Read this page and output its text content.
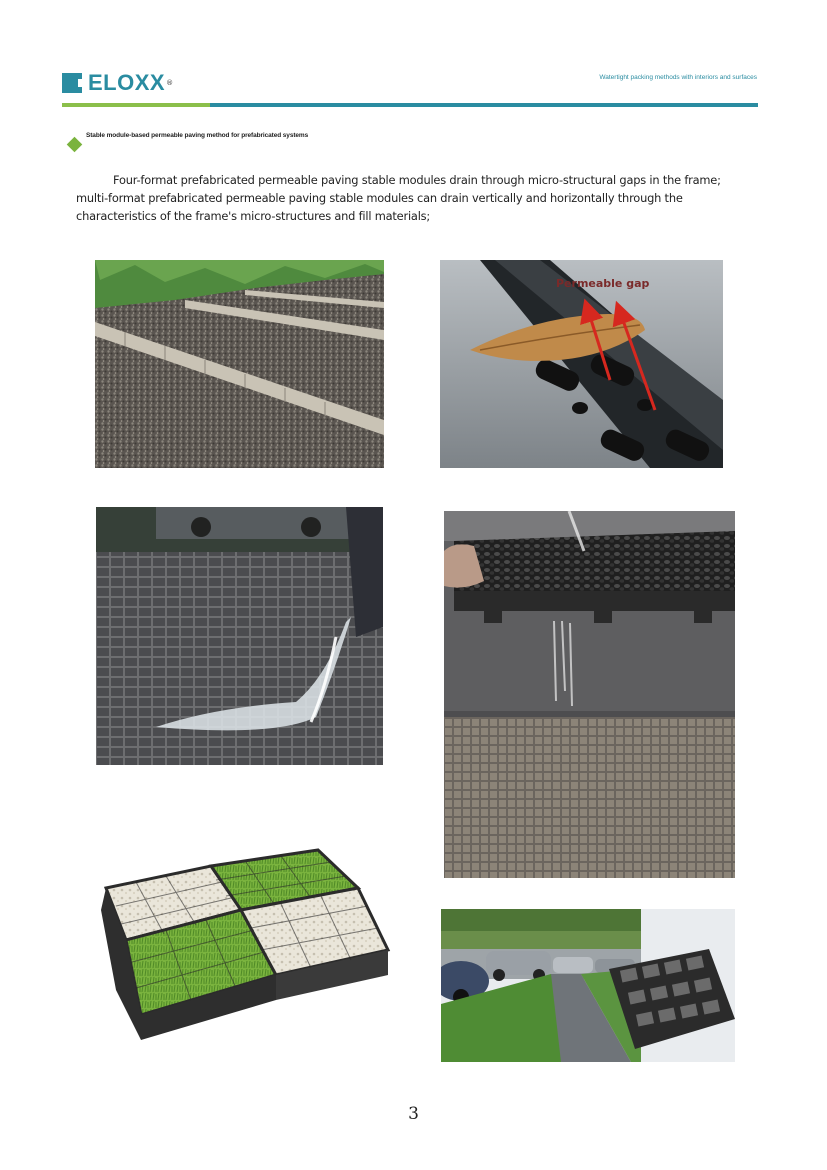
ELOXX ®
Watertight packing methods with interiors and surfaces
Stable module-based permeable paving method for prefabricated systems
Four-format prefabricated permeable paving stable modules drain through micro-structural gaps in the frame; multi-format prefabricated permeable paving stable modules can drain vertically and horizontally through the characteristics of the frame's micro-structures and fill materials;
Permeable gap
3
